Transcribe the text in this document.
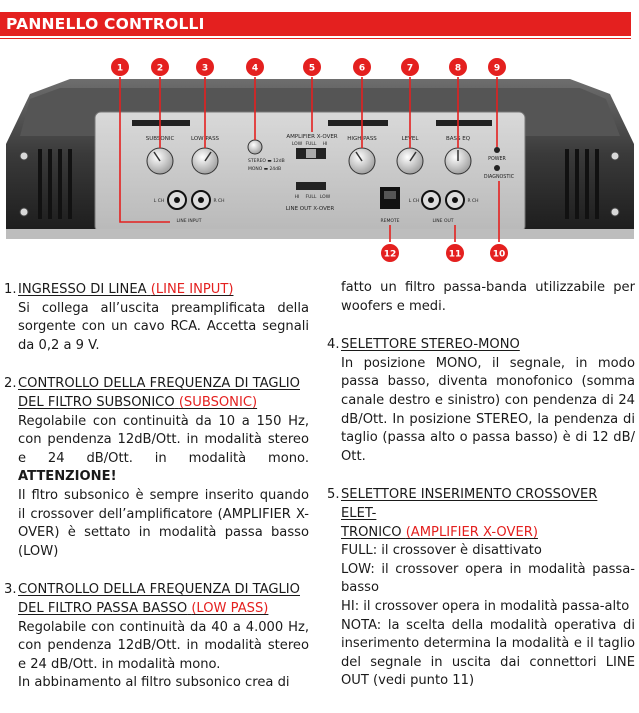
PANNELLO CONTROLLI
SUBSONIC	LOW PASS	HIGH PASS	LEVEL	BASS EQ
AMPLIFIER X-OVER
LINE OUT X-OVER
STEREO ▬ 12dB
MONO ▬ 24dB
LOW FULL HI
HI FULL LOW
POWER
DIAGNOSTIC
L CH	R CH	L CH	R CH
LINE INPUT	LINE OUT
REMOTE
1	2	3	4	5	6	7	8	9
10
11
12
1. INGRESSO DI LINEA (LINE INPUT)
Si collega all’uscita preamplificata della sorgente con un cavo RCA. Accetta segnali da 0,2 a 9 V.
2. CONTROLLO DELLA FREQUENZA DI TAGLIO
DEL FILTRO SUBSONICO (SUBSONIC)

Regolabile con continuità da 10 a 150 Hz, con pendenza 12dB/Ott. in modalità stereo e 24 dB/Ott. in modalità mono. ATTENZIONE!

Il fltro subsonico è sempre inserito quando il crossover dell’amplificatore (AMPLIFIER X-OVER) è settato in modalità passa basso (LOW)

3. CONTROLLO DELLA FREQUENZA DI TAGLIO
DEL FILTRO PASSA BASSO (LOW PASS)

Regolabile con continuità da 40 a 4.000 Hz, con pendenza 12dB/Ott. in modalità stereo e 24 dB/Ott. in modalità mono.

In abbinamento al filtro subsonico crea di

fatto un filtro passa-banda utilizzabile per woofers e medi.
4. SELETTORE STEREO-MONO
In posizione MONO, il segnale, in modo passa basso, diventa monofonico (somma canale destro e sinistro) con pendenza di 24 dB/Ott. In posizione STEREO, la pendenza di taglio (passa alto o passa basso) è di 12 dB/ Ott.
5. SELETTORE INSERIMENTO CROSSOVER ELET-
TRONICO (AMPLIFIER X-OVER)

FULL: il crossover è disattivato

LOW: il crossover opera in modalità passa-basso

HI: il crossover opera in modalità passa-alto

NOTA: la scelta della modalità operativa di inserimento determina la modalità e il taglio del segnale in uscita dai connettori LINE OUT (vedi punto 11)
